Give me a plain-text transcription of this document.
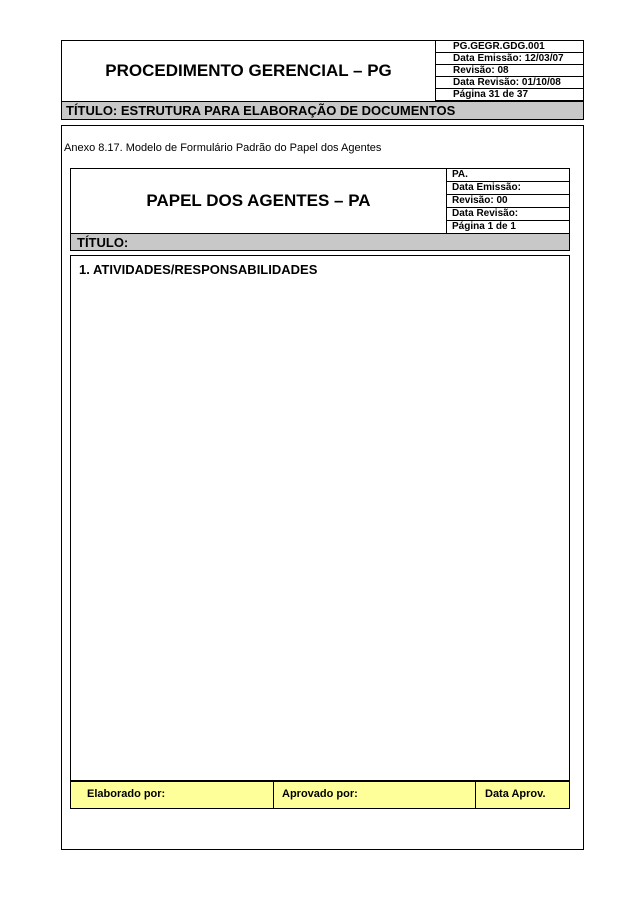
PROCEDIMENTO GERENCIAL – PG
PG.GEGR.GDG.001
Data Emissão: 12/03/07
Revisão: 08
Data Revisão: 01/10/08
Página 31 de 37
TÍTULO: ESTRUTURA PARA ELABORAÇÃO DE DOCUMENTOS
Anexo 8.17. Modelo de Formulário Padrão do Papel dos Agentes
PAPEL DOS AGENTES – PA
PA.
Data Emissão:
Revisão: 00
Data Revisão:
Página 1 de 1
TÍTULO:
1. ATIVIDADES/RESPONSABILIDADES
Elaborado por:	Aprovado por:	Data Aprov.
